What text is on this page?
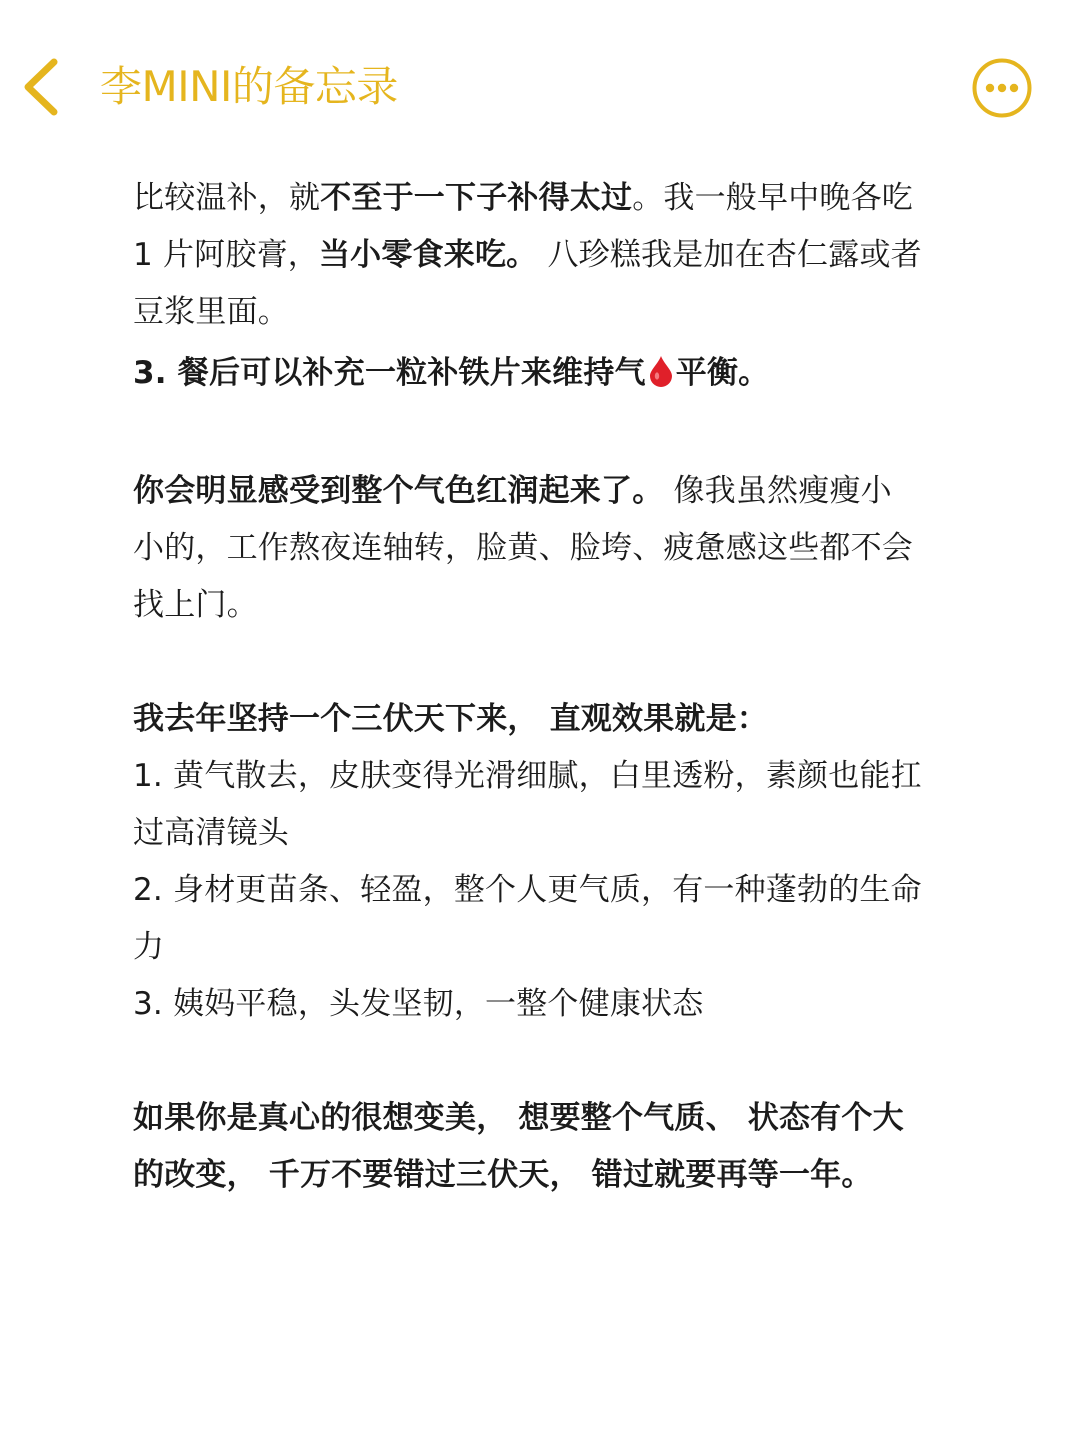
李MINI的备忘录

比较温补，就不至于一下子补得太过。我一般早中晚各吃
1 片阿胶膏，当小零食来吃。 八珍糕我是加在杏仁露或者
豆浆里面。

3. 餐后可以补充一粒补铁片来维持气 平衡。

你会明显感受到整个气色红润起来了。 像我虽然瘦瘦小
小的，工作熬夜连轴转，脸黄、脸垮、疲惫感这些都不会
找上门。

我去年坚持一个三伏天下来， 直观效果就是：
1. 黄气散去，皮肤变得光滑细腻，白里透粉，素颜也能扛
过高清镜头
2. 身材更苗条、轻盈，整个人更气质，有一种蓬勃的生命
力
3. 姨妈平稳，头发坚韧，一整个健康状态

如果你是真心的很想变美， 想要整个气质、 状态有个大
的改变， 千万不要错过三伏天， 错过就要再等一年。
